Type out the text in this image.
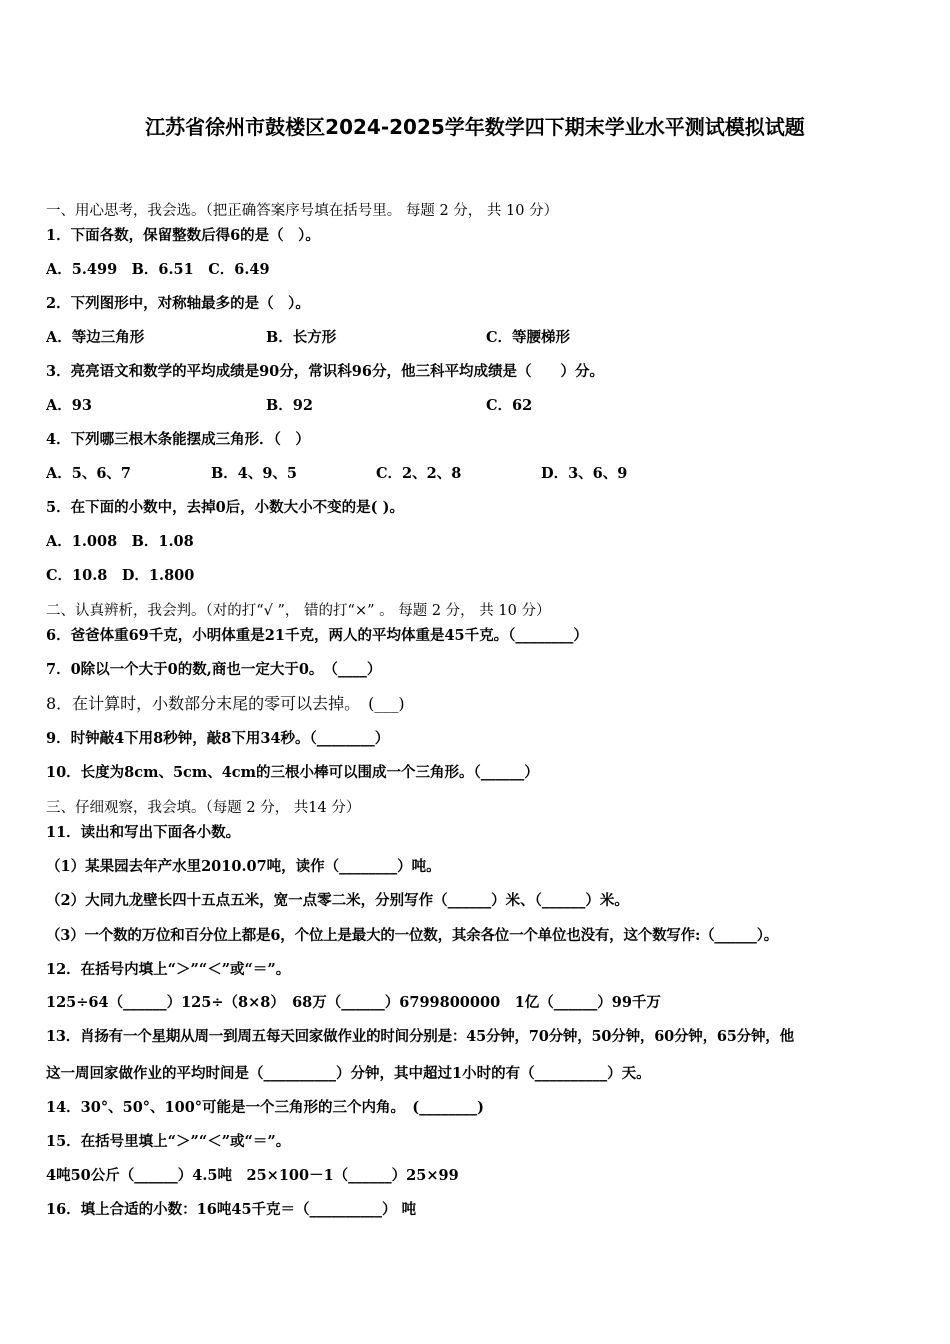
江苏省徐州市鼓楼区2024-2025学年数学四下期末学业水平测试模拟试题
一、用心思考，我会选。（把正确答案序号填在括号里。 每题 2 分， 共 10 分）
1．下面各数，保留整数后得6的是（　）。
A．5.499　B．6.51　C．6.49
2．下列图形中，对称轴最多的是（　）。
A．等边三角形	B．长方形	C．等腰梯形
3．亮亮语文和数学的平均成绩是90分，常识科96分，他三科平均成绩是（　　）分。
A．93	B．92	C．62
4．下列哪三根木条能摆成三角形．（　）
A．5、6、7	B．4、9、5	C．2、2、8	D．3、6、9
5．在下面的小数中，去掉0后，小数大小不变的是( )。
A．1.008　B．1.08
C．10.8　D．1.800
二、认真辨析，我会判。（对的打“√ ”， 错的打“×” 。 每题 2 分， 共 10 分）
6．爸爸体重69千克，小明体重是21千克，两人的平均体重是45千克。（________）
7．0除以一个大于0的数,商也一定大于0。　（____）
8．在计算时，小数部分末尾的零可以去掉。　(___)
9．时钟敲4下用8秒钟，敲8下用34秒。（________）
10．长度为8cm、5cm、4cm的三根小棒可以围成一个三角形。（______）
三、仔细观察，我会填。（每题 2 分， 共14 分）
11．读出和写出下面各小数。
（1）某果园去年产水里2010.07吨，读作（________）吨。
（2）大同九龙壁长四十五点五米，宽一点零二米，分别写作（______）米、（______）米。
（3）一个数的万位和百分位上都是6，个位上是最大的一位数，其余各位一个单位也没有，这个数写作:（______）。
12．在括号内填上“＞”“＜”或“＝”。
125÷64（______）125÷（8×8）　68万（______）6799800000　1亿（______）99千万
13．肖扬有一个星期从周一到周五每天回家做作业的时间分别是：45分钟，70分钟，50分钟，60分钟，65分钟，他
这一周回家做作业的平均时间是（__________）分钟，其中超过1小时的有（__________）天。
14．30°、50°、100°可能是一个三角形的三个内角。　(________)
15．在括号里填上“＞”“＜”或“＝”。
4吨50公斤（______）4.5吨　25×100－1（______）25×99
16．填上合适的小数：16吨45千克＝（__________） 吨
